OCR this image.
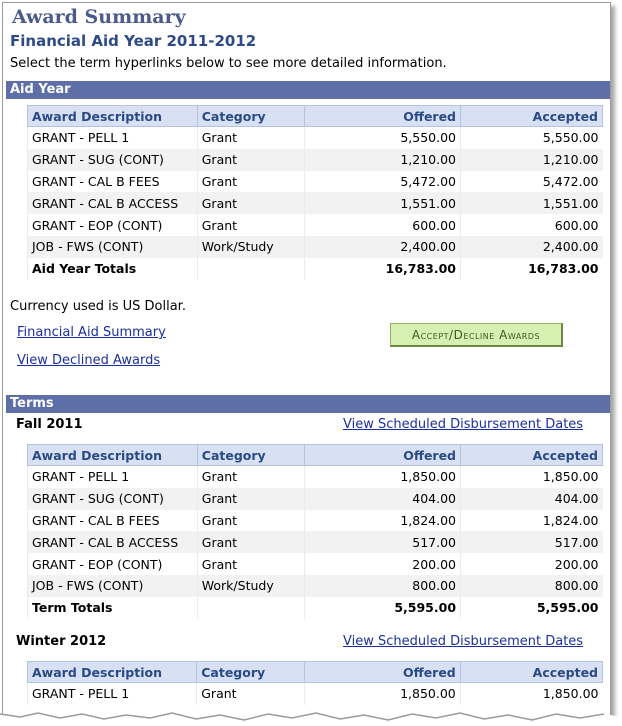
Award Summary
Financial Aid Year 2011-2012
Select the term hyperlinks below to see more detailed information.
Aid Year
Award Description	Category	Offered	Accepted
GRANT - PELL 1	Grant	5,550.00	5,550.00
GRANT - SUG (CONT)	Grant	1,210.00	1,210.00
GRANT - CAL B FEES	Grant	5,472.00	5,472.00
GRANT - CAL B ACCESS	Grant	1,551.00	1,551.00
GRANT - EOP (CONT)	Grant	600.00	600.00
JOB - FWS (CONT)	Work/Study	2,400.00	2,400.00
Aid Year Totals		16,783.00	16,783.00
Currency used is US Dollar.
Financial Aid Summary	Accept/Decline Awards
View Declined Awards
Terms
Fall 2011	View Scheduled Disbursement Dates
Award Description	Category	Offered	Accepted
GRANT - PELL 1	Grant	1,850.00	1,850.00
GRANT - SUG (CONT)	Grant	404.00	404.00
GRANT - CAL B FEES	Grant	1,824.00	1,824.00
GRANT - CAL B ACCESS	Grant	517.00	517.00
GRANT - EOP (CONT)	Grant	200.00	200.00
JOB - FWS (CONT)	Work/Study	800.00	800.00
Term Totals		5,595.00	5,595.00
Winter 2012	View Scheduled Disbursement Dates
Award Description	Category	Offered	Accepted
GRANT - PELL 1	Grant	1,850.00	1,850.00
